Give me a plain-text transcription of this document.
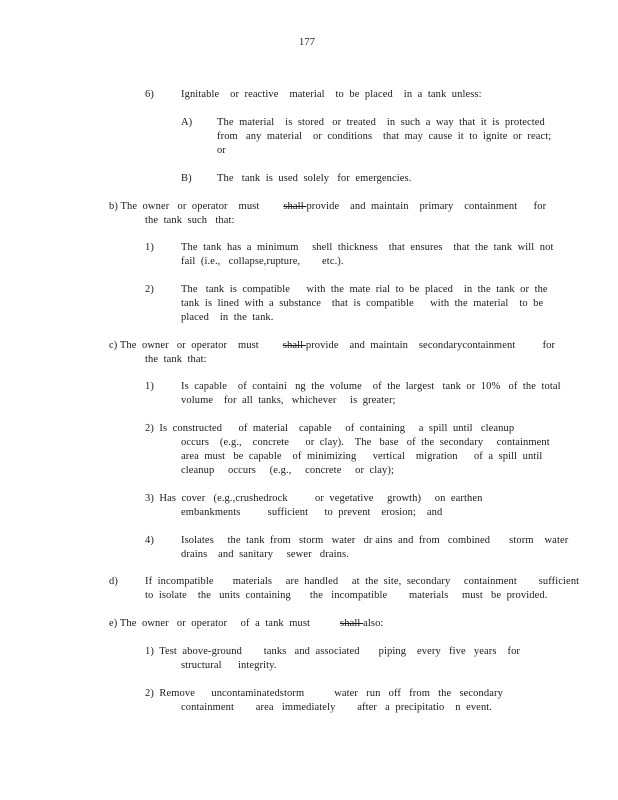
177
6)	Ignitable    or  reactive    material    to  be  placed    in  a  tank  unless:
A) The  material    is  stored   or  treated    in  such  a  way  that  it  is  protected
from   any  material    or  conditions    that  may  cause  it  to  ignite  or  react;
or
B) The   tank  is  used  solely   for  emergencies.
b) The  owner   or  operator    must shall provide    and  maintain    primary    containment      for
the  tank  such   that:
1)	The  tank  has  a  minimum     shell  thickness    that  ensures    that  the  tank  will  not
fail  (i.e.,   collapse,rupture,        etc.).
2)	The   tank  is  compatible      with  the  mate  rial  to  be  placed    in  the  tank  or  the
tank  is  lined  with  a  substance    that  is  compatible      with  the  material    to  be
placed    in  the  tank.
c) The  owner   or  operator    must shall provide    and  maintain    secondarycontainment          for
the  tank  that:
1)	Is  capable    of  containi   ng  the  volume    of  the  largest   tank  or  10%   of  the  total
volume    for  all  tanks,   whichever     is  greater;
2)  Is  constructed      of  material    capable     of  containing     a  spill  until   cleanup
occurs    (e.g.,    concrete      or  clay).    The   base   of  the  secondary     containment
area  must   be  capable    of  minimizing      vertical    migration      of  a  spill  until
cleanup     occurs     (e.g.,     concrete     or  clay);
3)  Has  cover   (e.g.,crushedrock          or  vegetative     growth)     on  earthen
embankments          sufficient      to  prevent    erosion;    and
4)	Isolates     the  tank  from   storm   water   dr ains  and  from   combined       storm    water
drains    and  sanitary     sewer   drains.
d)	If  incompatible       materials     are  handled     at  the  site,  secondary     containment        sufficient
to  isolate    the   units  containing       the   incompatible        materials     must   be  provided.
e) The  owner   or  operator     of  a  tank  must	shall also:
1)  Test  above-ground        tanks   and  associated       piping    every   five   years    for
structural      integrity.
2)  Remove      uncontaminatedstorm           water   run   off   from   the   secondary
containment        area   immediately        after   a  precipitatio    n  event.
